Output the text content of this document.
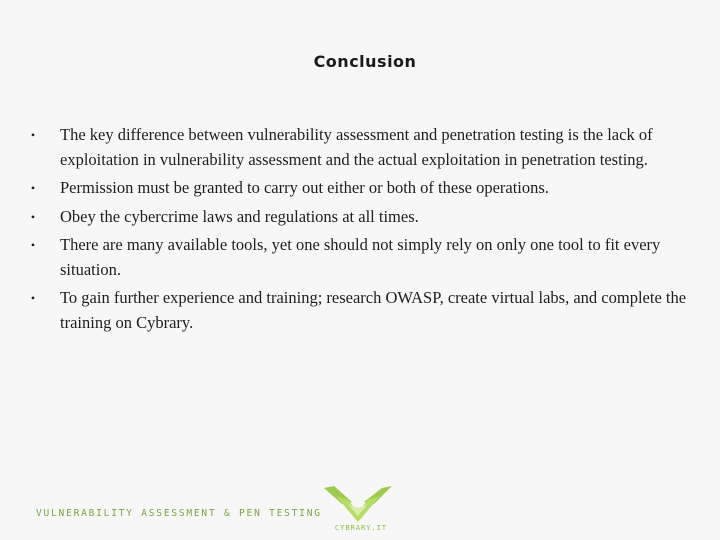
Conclusion
• The key difference between vulnerability assessment and penetration testing is the lack of exploitation in vulnerability assessment and the actual exploitation in penetration testing.
• Permission must be granted to carry out either or both of these operations.
• Obey the cybercrime laws and regulations at all times.
• There are many available tools, yet one should not simply rely on only one tool to fit every situation.
• To gain further experience and training; research OWASP, create virtual labs, and complete the training on Cybrary.
VULNERABILITY ASSESSMENT & PEN TESTING
CYBRARY.IT
